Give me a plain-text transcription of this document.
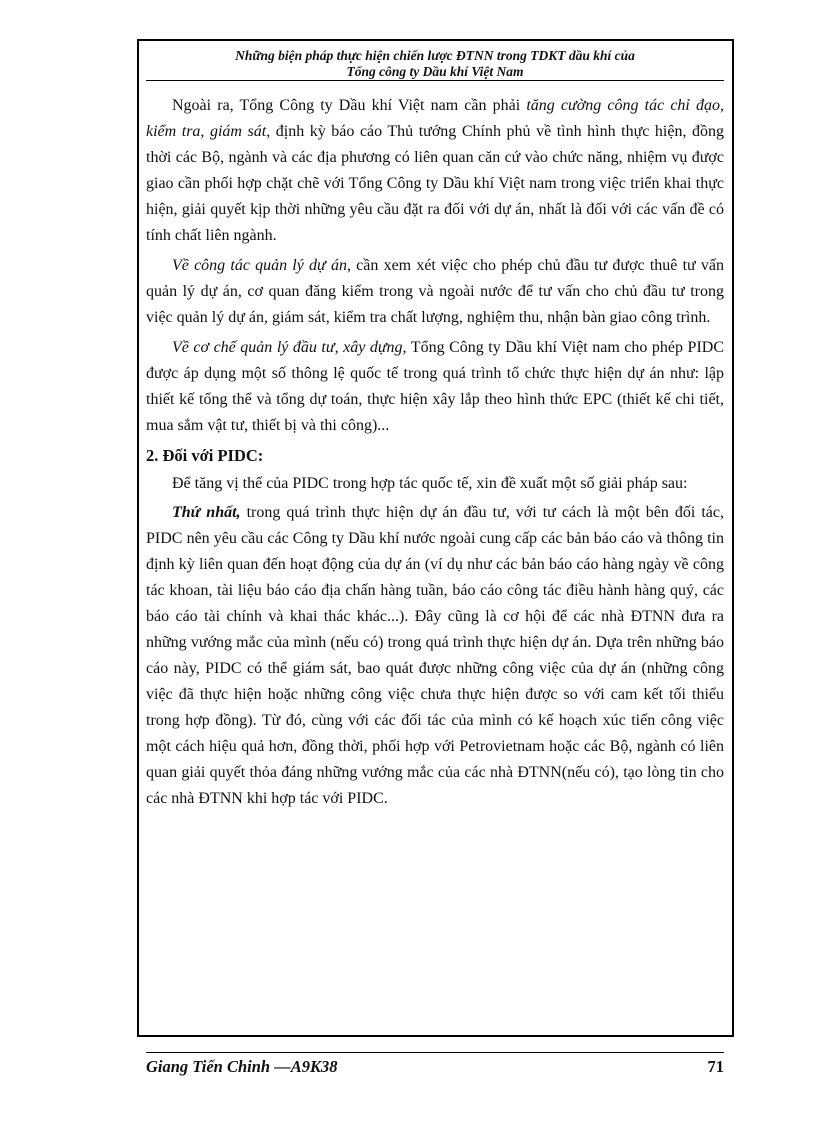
Những biện pháp thực hiện chiến lược ĐTNN trong TDKT dầu khí của
Tổng công ty Dầu khí Việt Nam

Ngoài ra, Tổng Công ty Dầu khí Việt nam cần phải tăng cường công tác chỉ đạo, kiểm tra, giám sát, định kỳ báo cáo Thủ tướng Chính phủ về tình hình thực hiện, đồng thời các Bộ, ngành và các địa phương có liên quan căn cứ vào chức năng, nhiệm vụ được giao cần phối hợp chặt chẽ với Tổng Công ty Dầu khí Việt nam trong việc triển khai thực hiện, giải quyết kịp thời những yêu cầu đặt ra đối với dự án, nhất là đối với các vấn đề có tính chất liên ngành.

Về công tác quản lý dự án, cần xem xét việc cho phép chủ đầu tư được thuê tư vấn quản lý dự án, cơ quan đăng kiểm trong và ngoài nước để tư vấn cho chủ đầu tư trong việc quản lý dự án, giám sát, kiểm tra chất lượng, nghiệm thu, nhận bàn giao công trình.

Về cơ chế quản lý đầu tư, xây dựng, Tổng Công ty Dầu khí Việt nam cho phép PIDC được áp dụng một số thông lệ quốc tế trong quá trình tổ chức thực hiện dự án như: lập thiết kế tổng thể và tổng dự toán, thực hiện xây lắp theo hình thức EPC (thiết kế chi tiết, mua sắm vật tư, thiết bị và thi công)...

2. Đối với PIDC:

Để tăng vị thế của PIDC trong hợp tác quốc tế, xin đề xuất một số giải pháp sau:

Thứ nhất, trong quá trình thực hiện dự án đầu tư, với tư cách là một bên đối tác, PIDC nên yêu cầu các Công ty Dầu khí nước ngoài cung cấp các bản báo cáo và thông tin định kỳ liên quan đến hoạt động của dự án (ví dụ như các bản báo cáo hàng ngày về công tác khoan, tài liệu báo cáo địa chấn hàng tuần, báo cáo công tác điều hành hàng quý, các báo cáo tài chính và khai thác khác...). Đây cũng là cơ hội để các nhà ĐTNN đưa ra những vướng mắc của mình (nếu có) trong quá trình thực hiện dự án. Dựa trên những báo cáo này, PIDC có thể giám sát, bao quát được những công việc của dự án (những công việc đã thực hiện hoặc những công việc chưa thực hiện được so với cam kết tối thiểu trong hợp đồng). Từ đó, cùng với các đối tác của mình có kế hoạch xúc tiến công việc một cách hiệu quả hơn, đồng thời, phối hợp với Petrovietnam hoặc các Bộ, ngành có liên quan giải quyết thỏa đáng những vướng mắc của các nhà ĐTNN(nếu có), tạo lòng tin cho các nhà ĐTNN khi hợp tác với PIDC.

Giang Tiến Chinh —A9K38	71
